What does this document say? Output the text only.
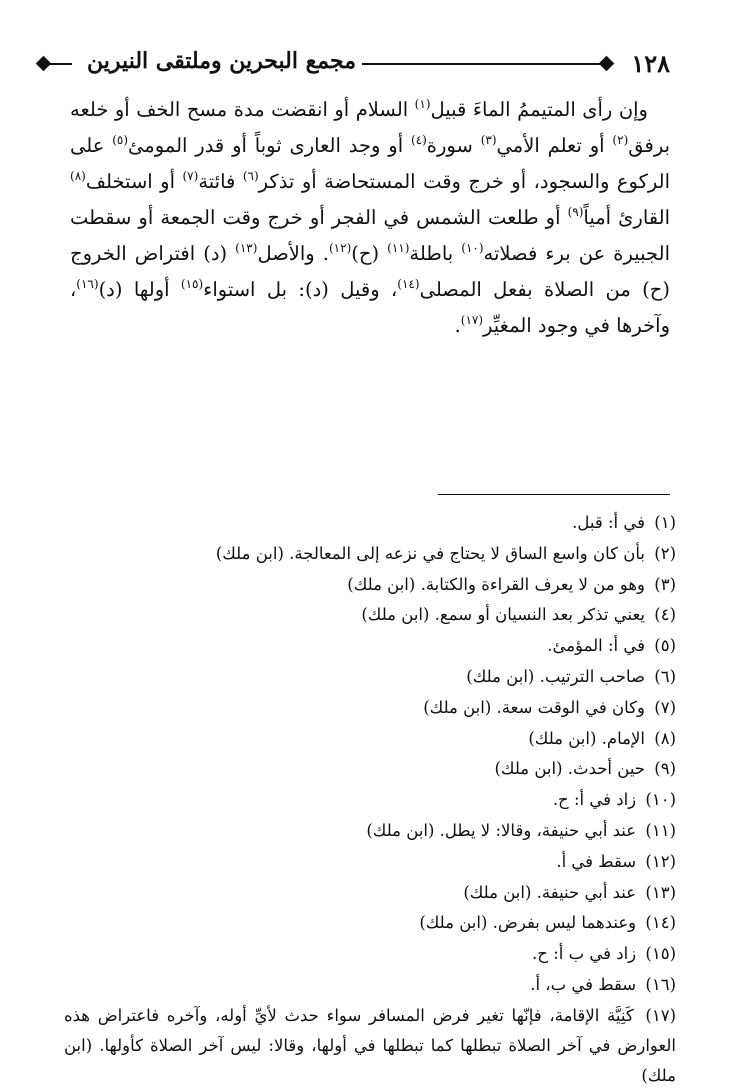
١٢٨
مجمع البحرين وملتقى النيرين

وإن رأى المتيممُ الماءَ قبيل$^{(١)}$ السلام أو انقضت مدة مسح الخف أو خلعه برفق$^{(٢)}$ أو تعلم الأمي$^{(٣)}$ سورة$^{(٤)}$ أو وجد العارى ثوباً أو قدر المومئ$^{(٥)}$ على الركوع والسجود، أو خرج وقت المستحاضة أو تذكر$^{(٦)}$ فائتة$^{(٧)}$ أو استخلف$^{(٨)}$ القارئ أمياً$^{(٩)}$ أو طلعت الشمس في الفجر أو خرج وقت الجمعة أو سقطت الجبيرة عن برء فصلاته$^{(١٠)}$ باطلة$^{(١١)}$ (ح)$^{(١٢)}$. والأصل$^{(١٣)}$ (د) افتراض الخروج (ح) من الصلاة بفعل المصلى$^{(١٤)}$، وقيل (د): بل استواء$^{(١٥)}$ أولها (د)$^{(١٦)}$، وآخرها في وجود المغيِّر$^{(١٧)}$.

(١) في أ: قبل.

(٢) بأن كان واسع الساق لا يحتاج في نزعه إلى المعالجة. (ابن ملك)

(٣) وهو من لا يعرف القراءة والكتابة. (ابن ملك)

(٤) يعني تذكر بعد النسيان أو سمع. (ابن ملك)

(٥) في أ: المؤمئ.

(٦) صاحب الترتيب. (ابن ملك)

(٧) وكان في الوقت سعة. (ابن ملك)

(٨) الإمام. (ابن ملك)

(٩) حين أحدث. (ابن ملك)

(١٠) زاد في أ: ح.

(١١) عند أبي حنيفة، وقالا: لا يطل. (ابن ملك)

(١٢) سقط في أ.

(١٣) عند أبي حنيفة. (ابن ملك)

(١٤) وعندهما ليس بفرض. (ابن ملك)

(١٥) زاد في ب أ: ح.

(١٦) سقط في ب، أ.

(١٧) كَنِيَّة الإقامة، فإنّها تغير فرض المسافر سواء حدث لأيِّ أوله، وآخره فاعتراض هذه العوارض في آخر الصلاة تبطلها كما تبطلها في أولها، وقالا: ليس آخر الصلاة كأولها. (ابن ملك)
